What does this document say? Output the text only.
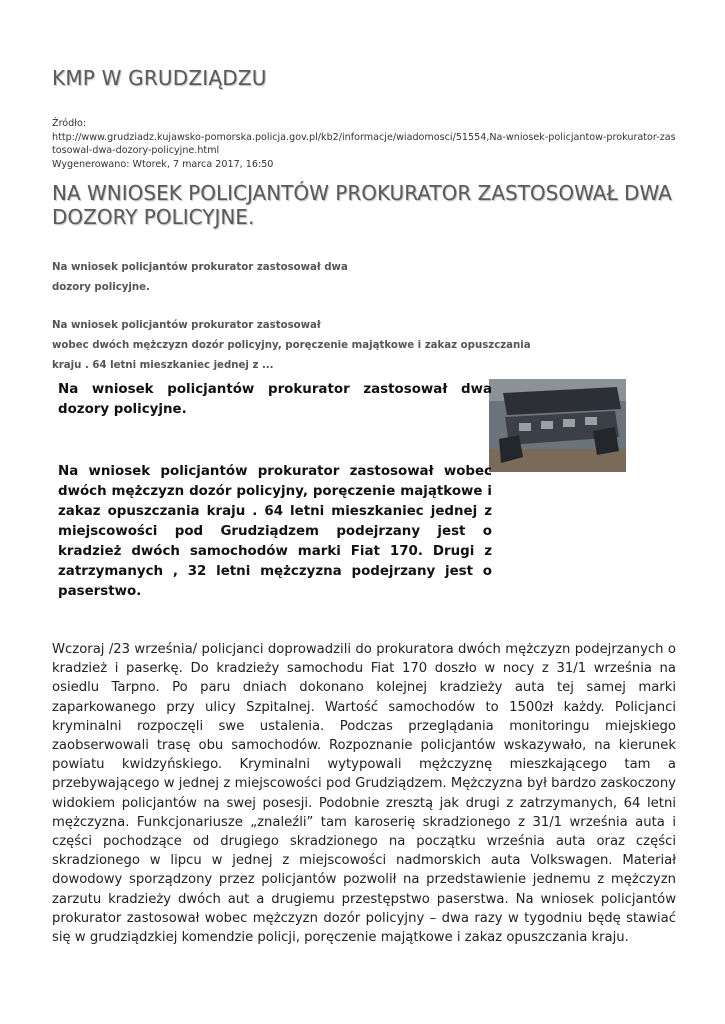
KMP W GRUDZIĄDZU
Źródło:
http://www.grudziadz.kujawsko-pomorska.policja.gov.pl/kb2/informacje/wiadomosci/51554,Na-wniosek-policjantow-prokurator-zastosowal-dwa-dozory-policyjne.html
Wygenerowano: Wtorek, 7 marca 2017, 16:50
NA WNIOSEK POLICJANTÓW PROKURATOR ZASTOSOWAŁ DWA DOZORY POLICYJNE.
Na wniosek policjantów prokurator zastosował dwa
dozory policyjne.
Na wniosek policjantów prokurator zastosował
wobec dwóch mężczyzn dozór policyjny, poręczenie majątkowe i zakaz opuszczania
kraju . 64 letni mieszkaniec jednej z ...
Na wniosek policjantów prokurator zastosował dwa dozory policyjne.
Na wniosek policjantów prokurator zastosował wobec dwóch mężczyzn dozór policyjny, poręczenie majątkowe i zakaz opuszczania kraju . 64 letni mieszkaniec jednej z miejscowości pod Grudziądzem podejrzany jest o kradzież dwóch samochodów marki Fiat 170. Drugi z zatrzymanych , 32 letni mężczyzna podejrzany jest o paserstwo.
Wczoraj /23 września/ policjanci doprowadzili do prokuratora dwóch mężczyzn podejrzanych o kradzież i paserkę. Do kradzieży samochodu Fiat 170 doszło w nocy z 31/1 września na osiedlu Tarpno. Po paru dniach dokonano kolejnej kradzieży auta tej samej marki zaparkowanego przy ulicy Szpitalnej. Wartość samochodów to 1500zł każdy. Policjanci kryminalni rozpoczęli swe ustalenia. Podczas przeglądania monitoringu miejskiego zaobserwowali trasę obu samochodów. Rozpoznanie policjantów wskazywało, na kierunek powiatu kwidzyńskiego. Kryminalni wytypowali mężczyznę mieszkającego tam a przebywającego w jednej z miejscowości pod Grudziądzem. Mężczyzna był bardzo zaskoczony widokiem policjantów na swej posesji. Podobnie zresztą jak drugi z zatrzymanych, 64 letni mężczyzna. Funkcjonariusze „znaleźli” tam karoserię skradzionego z 31/1 września auta i części pochodzące od drugiego skradzionego na początku września auta oraz części skradzionego w lipcu w jednej z miejscowości nadmorskich auta Volkswagen. Materiał dowodowy sporządzony przez policjantów pozwolił na przedstawienie jednemu z mężczyzn zarzutu kradzieży dwóch aut a drugiemu przestępstwo paserstwa. Na wniosek policjantów prokurator zastosował wobec mężczyzn dozór policyjny – dwa razy w tygodniu będę stawiać się w grudziądzkiej komendzie policji, poręczenie majątkowe i zakaz opuszczania kraju.
